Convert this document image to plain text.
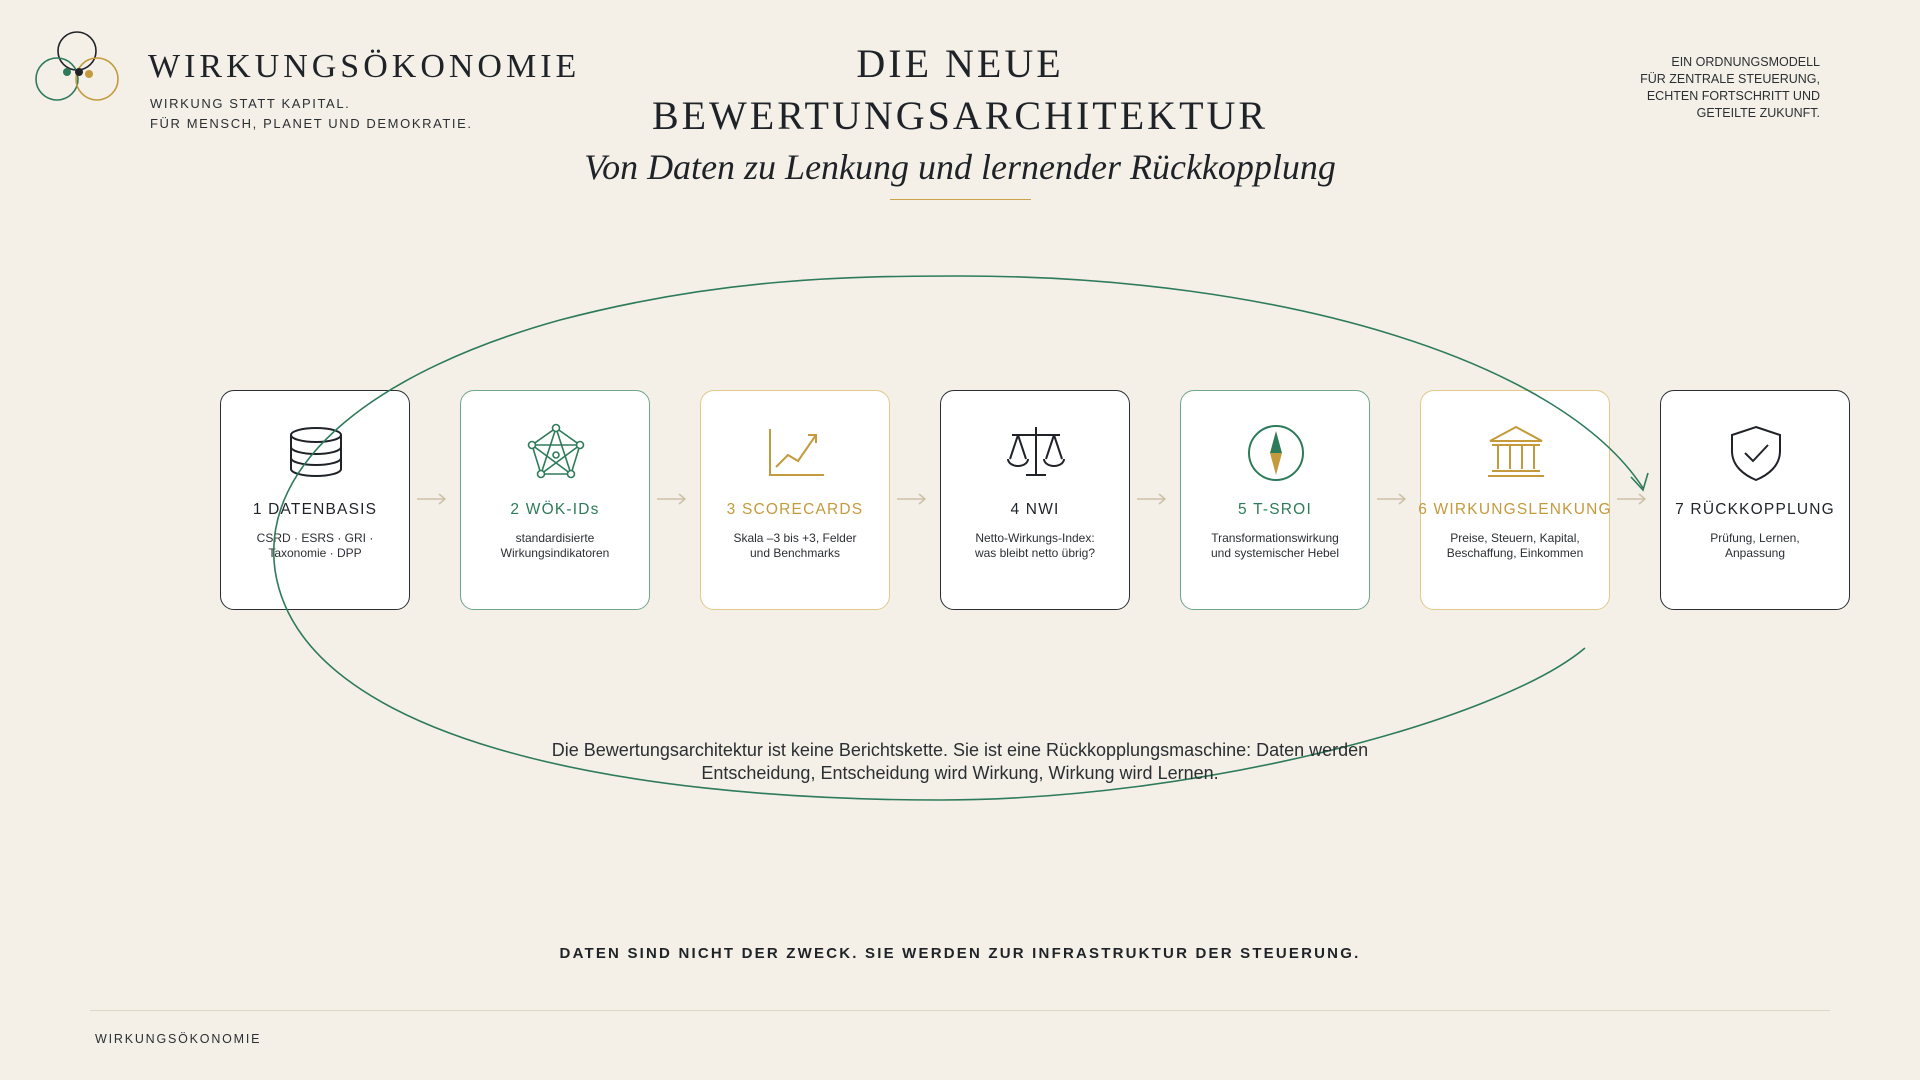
WIRKUNGSÖKONOMIE
WIRKUNG STATT KAPITAL.
FÜR MENSCH, PLANET UND DEMOKRATIE.
DIE NEUE
BEWERTUNGSARCHITEKTUR
Von Daten zu Lenkung und lernender Rückkopplung
EIN ORDNUNGSMODELL
FÜR ZENTRALE STEUERUNG,
ECHTEN FORTSCHRITT UND
GETEILTE ZUKUNFT.
1 DATENBASIS
CSRD · ESRS · GRI ·
Taxonomie · DPP
2 WÖK-IDs
standardisierte
Wirkungsindikatoren
3 SCORECARDS
Skala –3 bis +3, Felder
und Benchmarks
4 NWI
Netto-Wirkungs-Index:
was bleibt netto übrig?
5 T-SROI
Transformationswirkung
und systemischer Hebel
6 WIRKUNGSLENKUNG
Preise, Steuern, Kapital,
Beschaffung, Einkommen
7 RÜCKKOPPLUNG
Prüfung, Lernen,
Anpassung
Die Bewertungsarchitektur ist keine Berichtskette. Sie ist eine Rückkopplungsmaschine: Daten werden
Entscheidung, Entscheidung wird Wirkung, Wirkung wird Lernen.
DATEN SIND NICHT DER ZWECK. SIE WERDEN ZUR INFRASTRUKTUR DER STEUERUNG.
WIRKUNGSÖKONOMIE
